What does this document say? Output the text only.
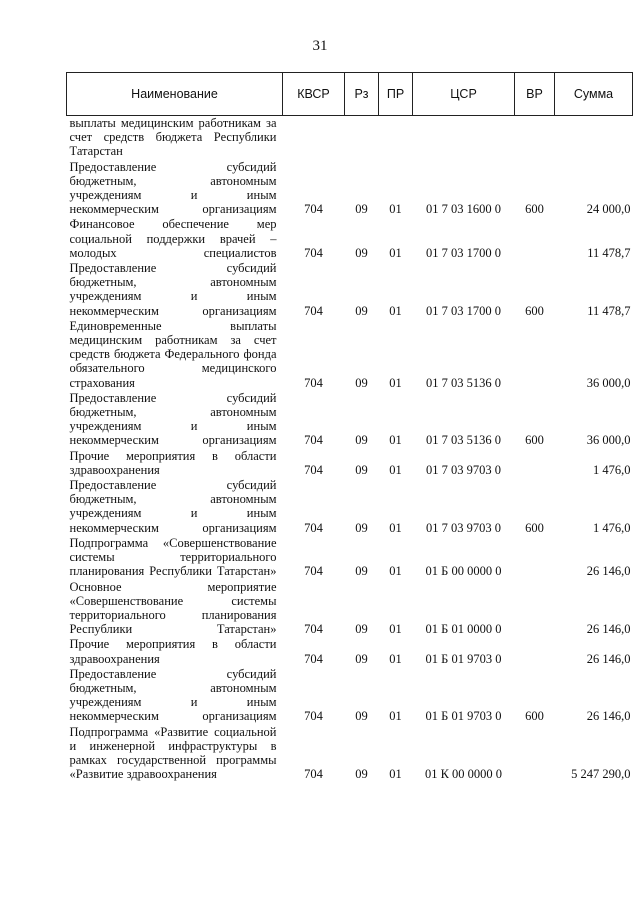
31
Наименование	КВСР	Рз	ПР	ЦСР	ВР	Сумма
выплаты медицинским работникам за счет средств бюджета Республики Татарстан						
Предоставление субсидий бюджетным, автономным учреждениям и иным некоммерческим организациям	704	09	01	01 7 03 1600 0	600	24 000,0
Финансовое обеспечение мер социальной поддержки врачей – молодых специалистов	704	09	01	01 7 03 1700 0		11 478,7
Предоставление субсидий бюджетным, автономным учреждениям и иным некоммерческим организациям	704	09	01	01 7 03 1700 0	600	11 478,7
Единовременные выплаты медицинским работникам за счет средств бюджета Федерального фонда обязательного медицинского страхования	704	09	01	01 7 03 5136 0		36 000,0
Предоставление субсидий бюджетным, автономным учреждениям и иным некоммерческим организациям	704	09	01	01 7 03 5136 0	600	36 000,0
Прочие мероприятия в области здравоохранения	704	09	01	01 7 03 9703 0		1 476,0
Предоставление субсидий бюджетным, автономным учреждениям и иным некоммерческим организациям	704	09	01	01 7 03 9703 0	600	1 476,0
Подпрограмма «Совершенствование системы территориального планирования Республики Татарстан»	704	09	01	01 Б 00 0000 0		26 146,0
Основное мероприятие «Совершенствование системы территориального планирования Республики Татарстан»	704	09	01	01 Б 01 0000 0		26 146,0
Прочие мероприятия в области здравоохранения	704	09	01	01 Б 01 9703 0		26 146,0
Предоставление субсидий бюджетным, автономным учреждениям и иным некоммерческим организациям	704	09	01	01 Б 01 9703 0	600	26 146,0
Подпрограмма «Развитие социальной и инженерной инфраструктуры в рамках государственной программы «Развитие здравоохранения	704	09	01	01 К 00 0000 0		5 247 290,0
